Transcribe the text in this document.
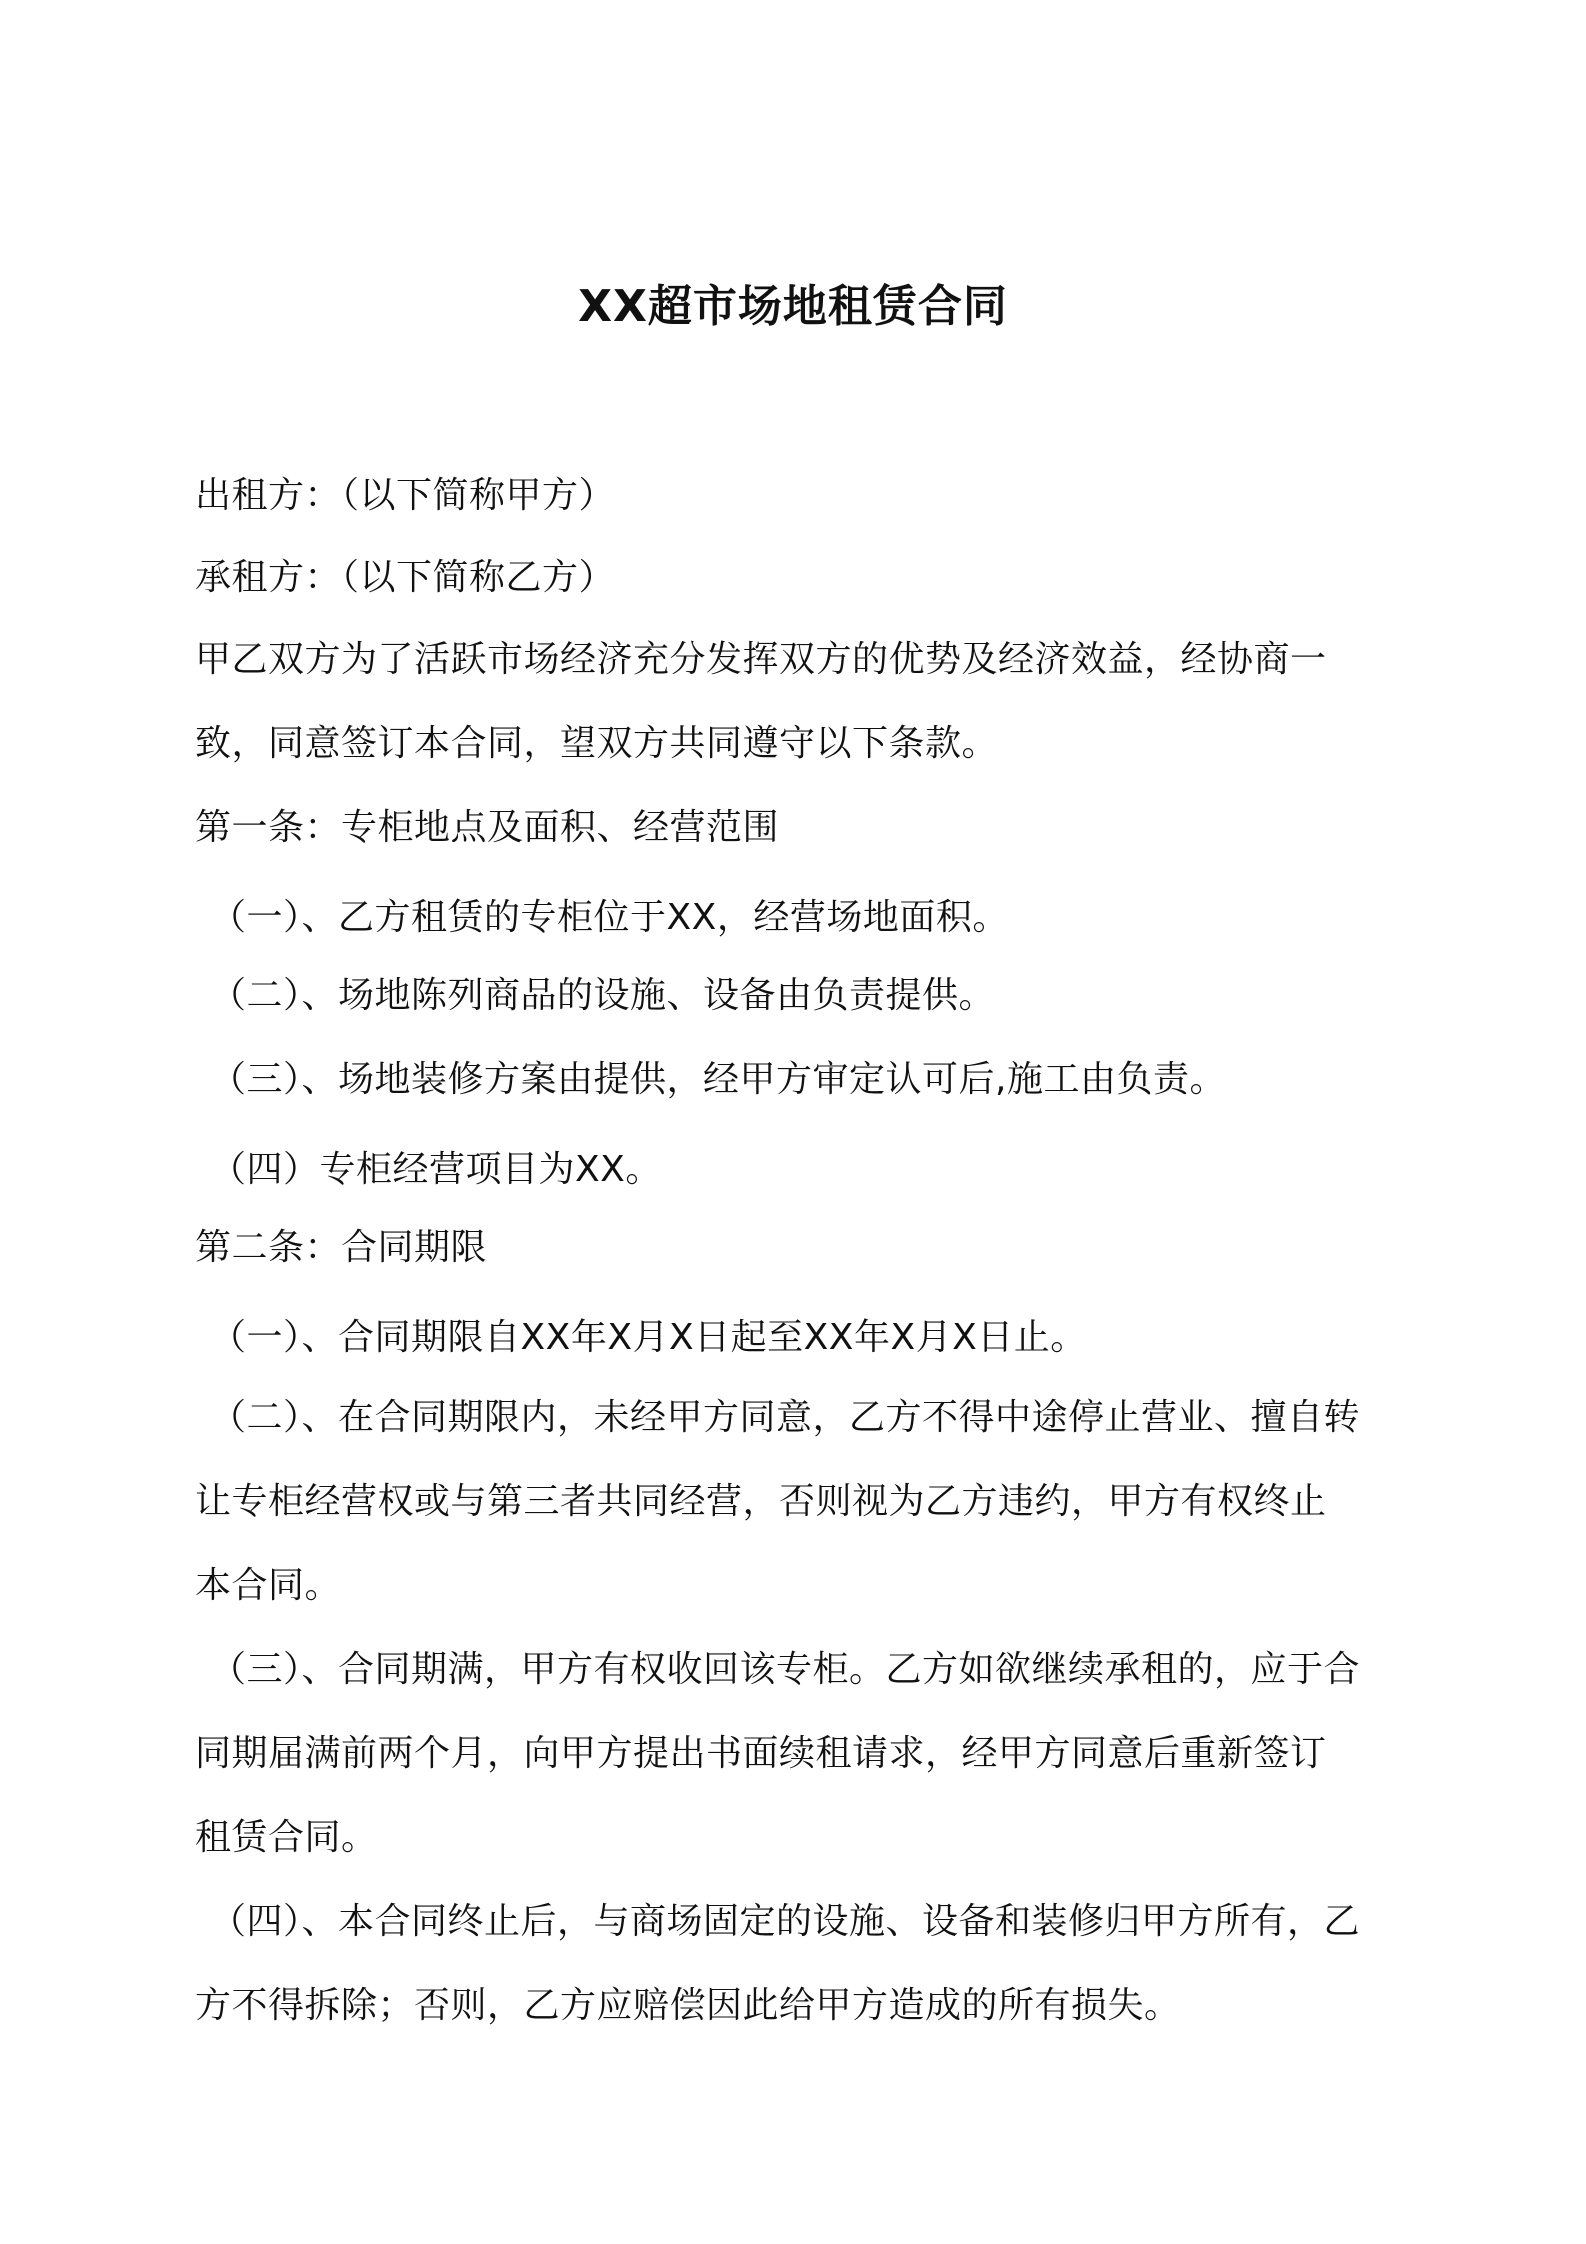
XX超市场地租赁合同
出租方：（以下简称甲方）
承租方：（以下简称乙方）
甲乙双方为了活跃市场经济充分发挥双方的优势及经济效益，经协商一
致，同意签订本合同，望双方共同遵守以下条款。
第一条：专柜地点及面积、经营范围
（一）、乙方租赁的专柜位于XX，经营场地面积。
（二）、场地陈列商品的设施、设备由负责提供。
（三）、场地装修方案由提供，经甲方审定认可后,施工由负责。
（四）专柜经营项目为XX。
第二条：合同期限
（一）、合同期限自XX年X月X日起至XX年X月X日止。
（二）、在合同期限内，未经甲方同意，乙方不得中途停止营业、擅自转
让专柜经营权或与第三者共同经营，否则视为乙方违约，甲方有权终止
本合同。
（三）、合同期满，甲方有权收回该专柜。乙方如欲继续承租的，应于合
同期届满前两个月，向甲方提出书面续租请求，经甲方同意后重新签订
租赁合同。
（四）、本合同终止后，与商场固定的设施、设备和装修归甲方所有，乙
方不得拆除；否则，乙方应赔偿因此给甲方造成的所有损失。
